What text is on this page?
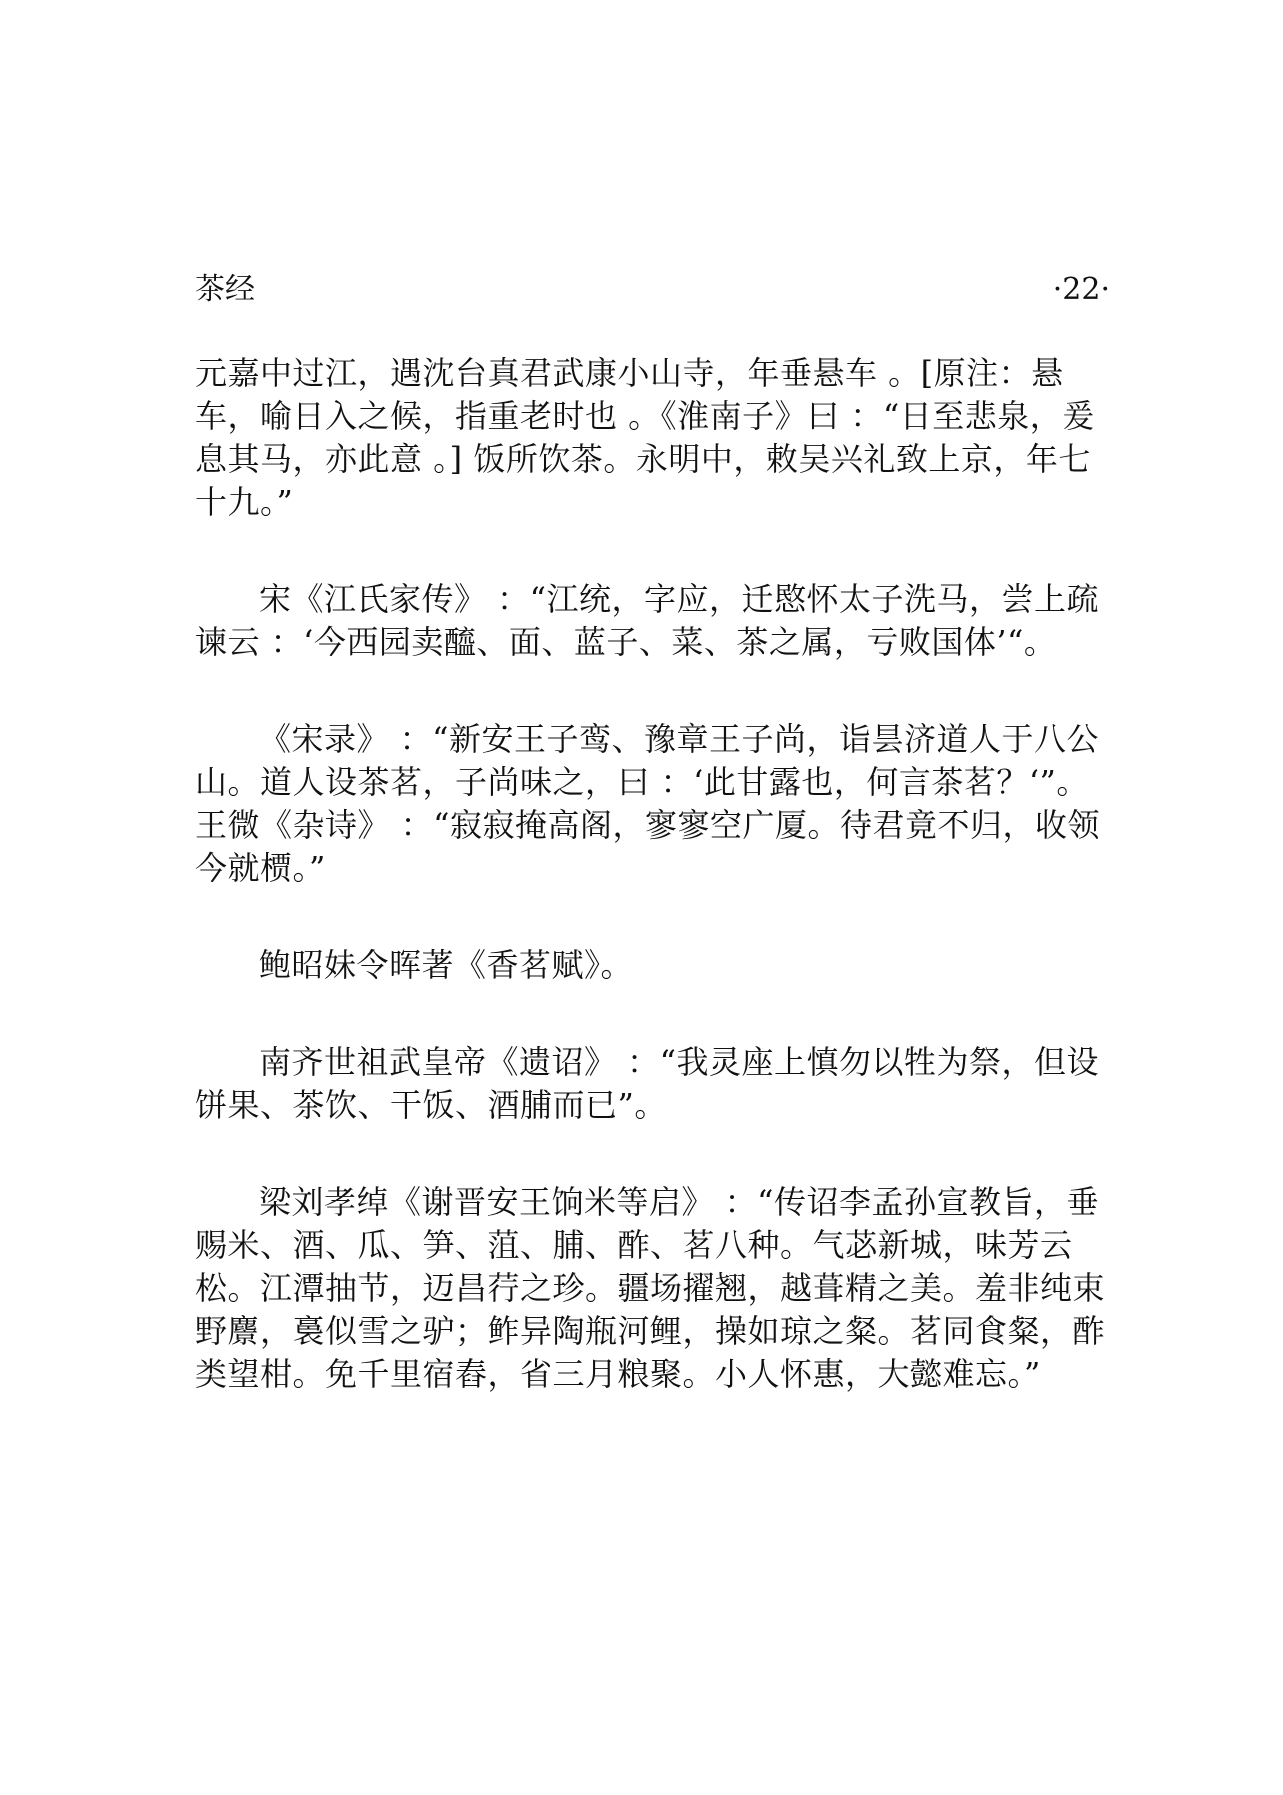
茶经	·22·

元嘉中过江，遇沈台真君武康小山寺，年垂悬车 。[原注：悬车，喻日入之候，指重老时也 。《淮南子》曰 ：“日至悲泉，爰息其马，亦此意 。] 饭所饮茶。永明中，敕吴兴礼致上京，年七十九。”

宋《江氏家传》 ：“江统，字应，迁愍怀太子洗马，尝上疏谏云 ：‘今西园卖醯、面、蓝子、菜、茶之属，亏败国体’“。

《宋录》 ：“新安王子鸾、豫章王子尚，诣昙济道人于八公山。道人设茶茗，子尚味之，曰 ：‘此甘露也，何言茶茗？‘”。

王微《杂诗》 ：“寂寂掩高阁，寥寥空广厦。待君竟不归，收领今就槚。”

鲍昭妹令晖著《香茗赋》。

南齐世祖武皇帝《遗诏》 ：“我灵座上慎勿以牲为祭，但设饼果、茶饮、干饭、酒脯而已”。

梁刘孝绰《谢晋安王饷米等启》 ：“传诏李孟孙宣教旨，垂赐米、酒、瓜、笋、菹、脯、酢、茗八种。气苾新城，味芳云松。江潭抽节，迈昌荇之珍。疆场擢翘，越葺精之美。羞非纯束野麖，裛似雪之驴；鲊异陶瓶河鲤，操如琼之粲。茗同食粲，酢类望柑。免千里宿舂，省三月粮聚。小人怀惠，大懿难忘。”
